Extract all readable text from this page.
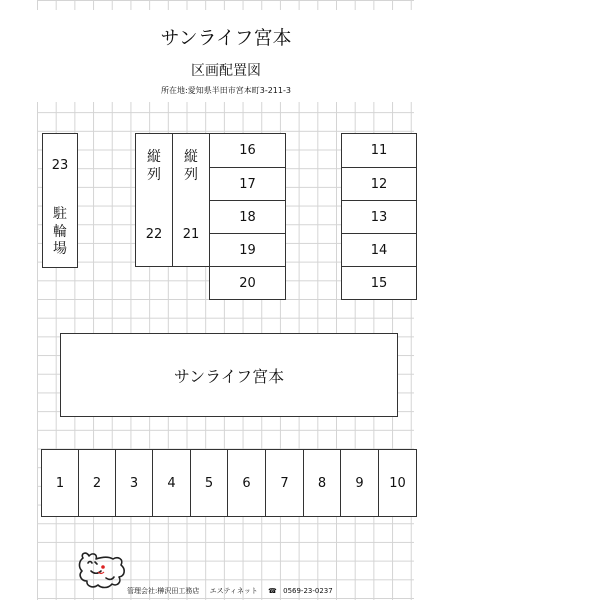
サンライフ宮本
区画配置図
所在地:愛知県半田市宮本町3-211-3
23
駐
輪
場
縦
列
22
縦
列
21
16
17
18
19
20
11
12
13
14
15
サンライフ宮本
1	2	3	4	5	6	7	8	9	10
管理会社:榊沢田工務店 エスティネット ☎ 0569-23-0237
